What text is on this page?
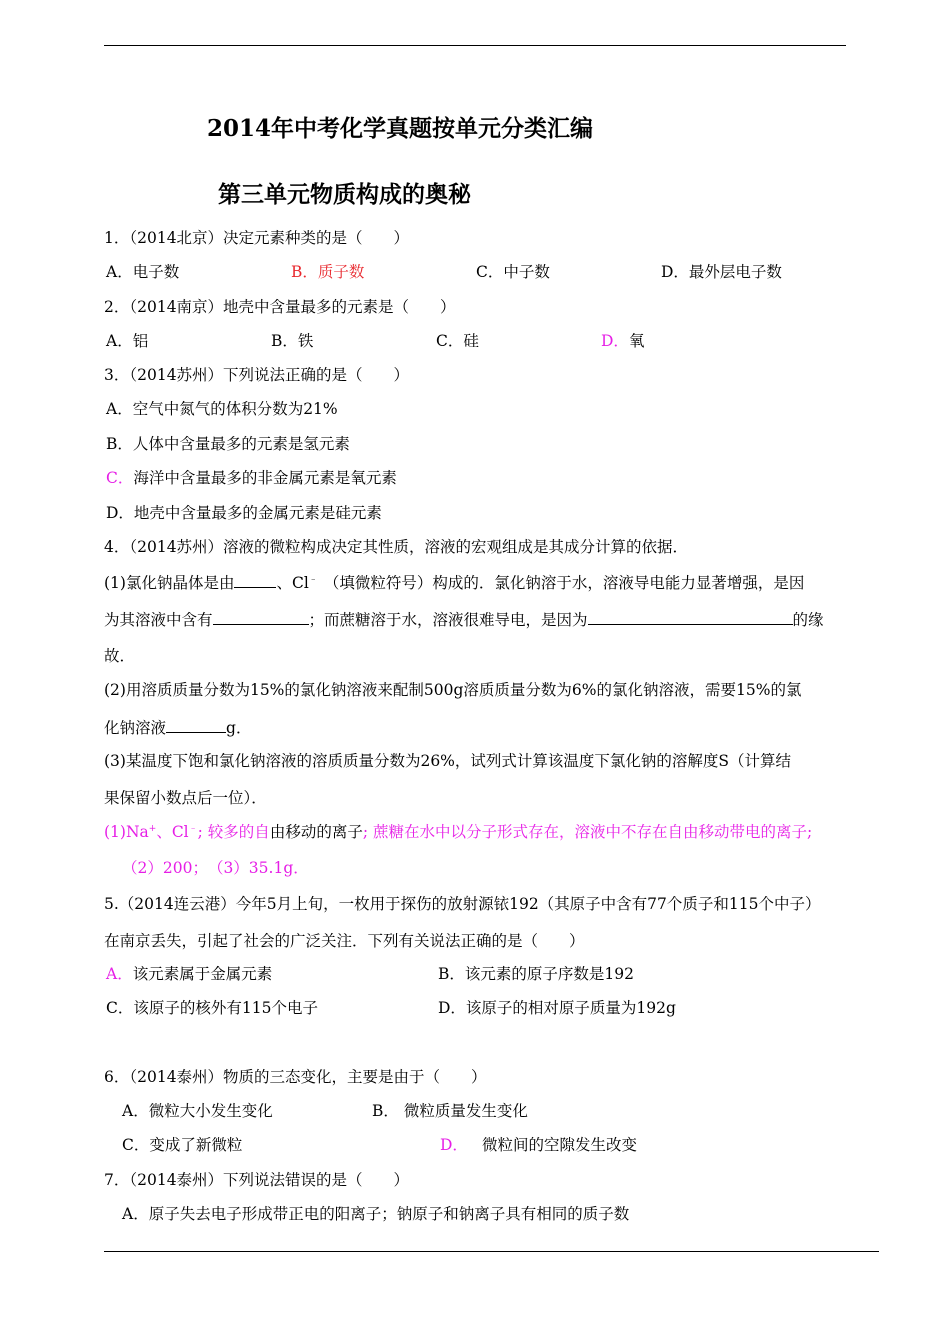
2014年中考化学真题按单元分类汇编
第三单元物质构成的奥秘
1．（2014北京）决定元素种类的是（　　）
A．电子数	B．质子数	C．中子数	D．最外层电子数
2．（2014南京）地壳中含量最多的元素是（　　）
A．铝	B．铁	C．硅	D．氧
3．（2014苏州）下列说法正确的是（　　）
A．空气中氮气的体积分数为21%
B．人体中含量最多的元素是氢元素
C．海洋中含量最多的非金属元素是氧元素
D．地壳中含量最多的金属元素是硅元素
4．（2014苏州）溶液的微粒构成决定其性质，溶液的宏观组成是其成分计算的依据．
(1)氯化钠晶体是由	、Cl﹣ （填微粒符号）构成的．氯化钠溶于水，溶液导电能力显著增强，是因
为其溶液中含有	；而蔗糖溶于水，溶液很难导电，是因为	的缘
故．
(2)用溶质质量分数为15%的氯化钠溶液来配制500g溶质质量分数为6%的氯化钠溶液，需要15%的氯
化钠溶液	g．
(3)某温度下饱和氯化钠溶液的溶质质量分数为26%，试列式计算该温度下氯化钠的溶解度S（计算结
果保留小数点后一位）．
(1)Na+、Cl﹣; 较多的自由移动的离子; 蔗糖在水中以分子形式存在，溶液中不存在自由移动带电的离子;
（2）200；　（3）35.1g．
5.（2014连云港）今年5月上旬，一枚用于探伤的放射源铱192（其原子中含有77个质子和115个中子）
在南京丢失，引起了社会的广泛关注．下列有关说法正确的是（　　）
A．该元素属于金属元素	B．该元素的原子序数是192
C．该原子的核外有115个电子	D．该原子的相对原子质量为192g
6．（2014泰州）物质的三态变化，主要是由于（　　）
A．微粒大小发生变化	B． 微粒质量发生变化
C．变成了新微粒	D． 微粒间的空隙发生改变
7．（2014泰州）下列说法错误的是（　　）
A．原子失去电子形成带正电的阳离子；钠原子和钠离子具有相同的质子数
